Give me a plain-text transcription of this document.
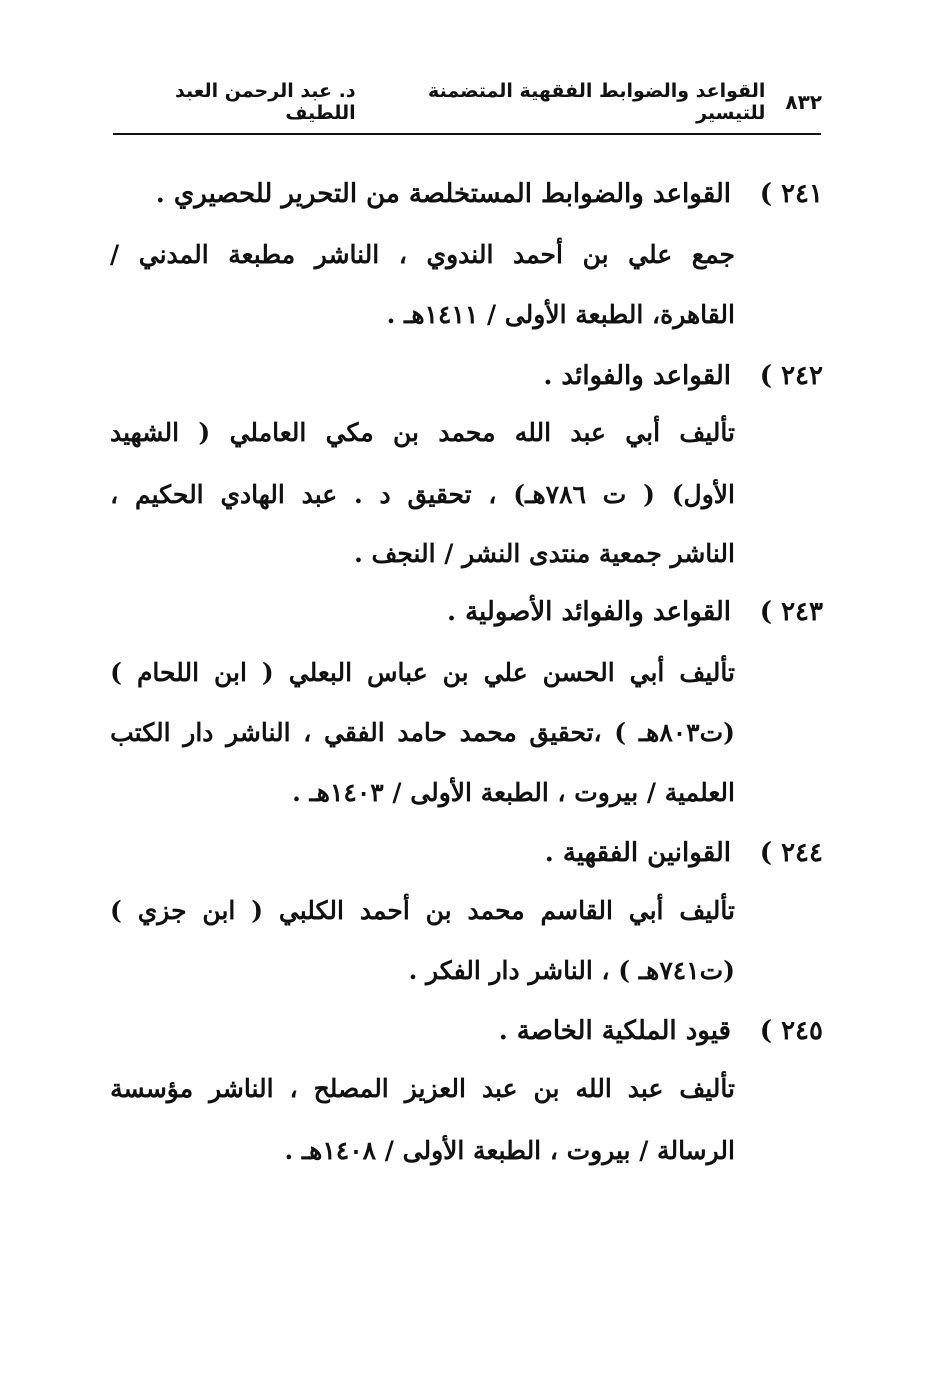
٨٣٢
القواعد والضوابط الفقهية المتضمنة للتيسير
د. عبد الرحمن العبد اللطيف
٢٤١ )
القواعد والضوابط المستخلصة من التحرير للحصيري .
جمع
علي
بن
أحمد
الندوي
،
الناشر
مطبعة
المدني
/
القاهرة، الطبعة الأولى / ١٤١١هـ .
٢٤٢ )
القواعد والفوائد .
تأليف
أبي
عبد
الله
محمد
بن
مكي
العاملي
(
الشهيد
الأول)
(
ت
٧٨٦هـ)
،
تحقيق
د
.
عبد
الهادي
الحكيم
،
الناشر جمعية منتدى النشر / النجف .
٢٤٣ )
القواعد والفوائد الأصولية .
تأليف
أبي
الحسن
علي
بن
عباس
البعلي
(
ابن
اللحام
)
(ت٨٠٣هـ
)
،تحقيق
محمد
حامد
الفقي
،
الناشر
دار
الكتب
العلمية / بيروت ، الطبعة الأولى / ١٤٠٣هـ .
٢٤٤ )
القوانين الفقهية .
تأليف
أبي
القاسم
محمد
بن
أحمد
الكلبي
(
ابن
جزي
)
(ت٧٤١هـ ) ، الناشر دار الفكر .
٢٤٥ )
قيود الملكية الخاصة .
تأليف
عبد
الله
بن
عبد
العزيز
المصلح
،
الناشر
مؤسسة
الرسالة / بيروت ، الطبعة الأولى / ١٤٠٨هـ .
